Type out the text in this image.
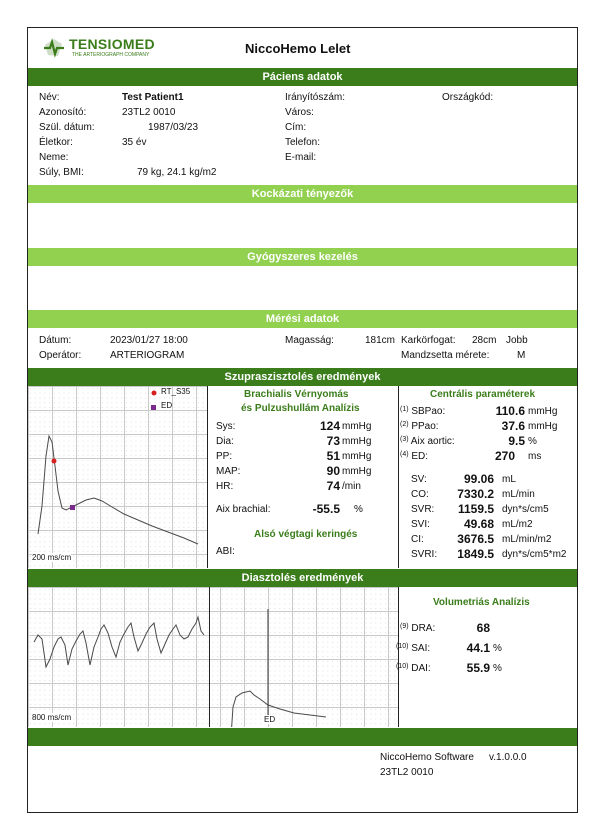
TENSIOMED
THE ARTERIOGRAPH COMPANY	NiccoHemo Lelet
Páciens adatok
Név:	Test Patient1
Azonosító:	23TL2 0010
Szül. dátum:	1987/03/23
Életkor:	35 év
Neme:
Súly, BMI:	79 kg, 24.1 kg/m2
Irányítószám:	Országkód:
Város:
Cím:
Telefon:
E-mail:
Kockázati tényezők
Gyógyszeres kezelés
Mérési adatok
Dátum:	2023/01/27 18:00
Operátor:	ARTERIOGRAM
Magasság:	181cm Karkörfogat: 28cm Jobb
Mandzsetta mérete:	M
Szupraszisztolés eredmények
RT_S35
ED
200 ms/cm
Brachialis Vérnyomás
és Pulzushullám Analízis
Sys:	124 mmHg
Dia:	73 mmHg
PP:	51 mmHg
MAP:	90 mmHg
HR:	74 /min
Aix brachial:	-55.5 %
Alsó végtagi keringés
ABI:
Centrális paraméterek
$^{(1)}$ SBPao:	110.6 mmHg
$^{(2)}$ PPao:	37.6 mmHg
$^{(3)}$ Aix aortic:	9.5 %
$^{(4)}$ ED:	270 ms
SV:	99.06 mL
CO:	7330.2 mL/min
SVR:	1159.5 dyn*s/cm5
SVI:	49.68 mL/m2
CI:	3676.5 mL/min/m2
SVRI:	1849.5 dyn*s/cm5*m2
Diasztolés eredmények
800 ms/cm	ED
Volumetriás Analízis
$^{(9)}$ DRA:	68
$^{(10)}$ SAI:	44.1 %
$^{(10)}$ DAI:	55.9 %
NiccoHemo Software v.1.0.0.0
23TL2 0010
